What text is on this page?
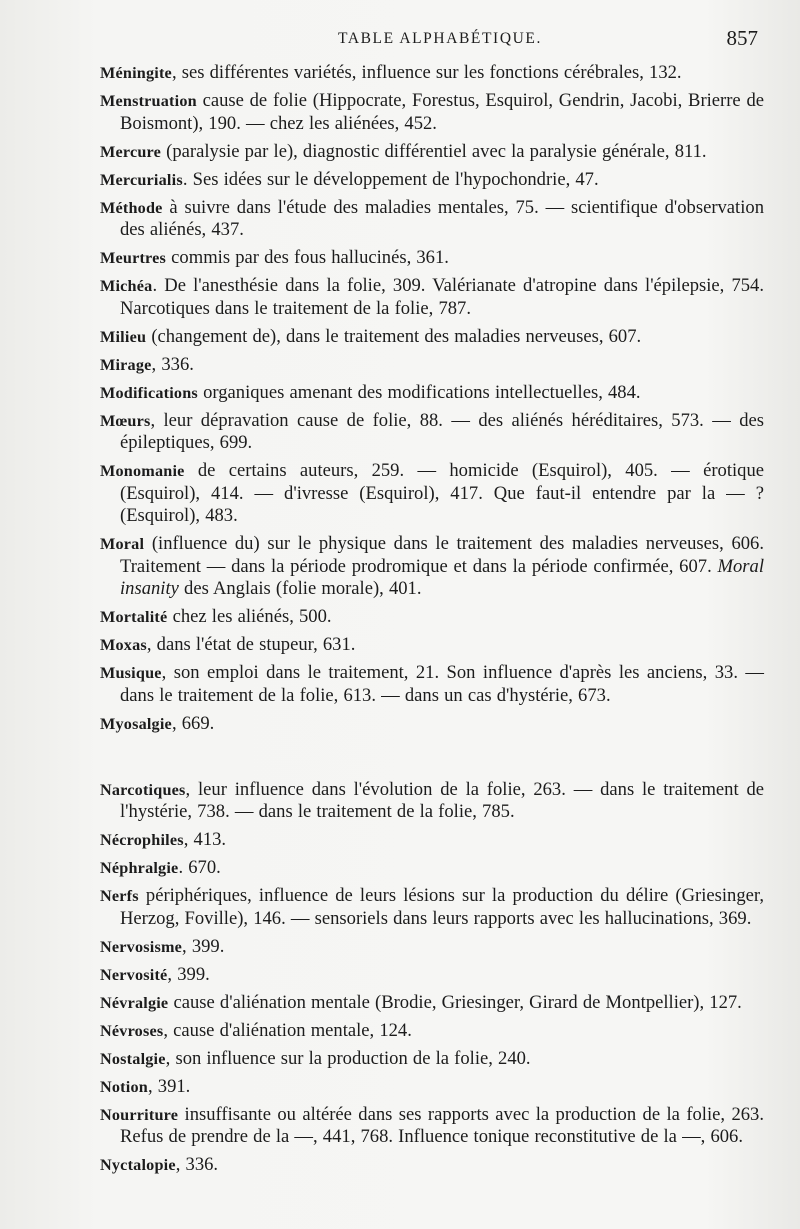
TABLE ALPHABÉTIQUE.	857

Méningite, ses différentes variétés, influence sur les fonctions cérébrales, 132.

Menstruation cause de folie (Hippocrate, Forestus, Esquirol, Gendrin, Jacobi, Brierre de Boismont), 190. — chez les aliénées, 452.

Mercure (paralysie par le), diagnostic différentiel avec la paralysie générale, 811.

Mercurialis. Ses idées sur le développement de l'hypochondrie, 47.

Méthode à suivre dans l'étude des maladies mentales, 75. — scientifique d'observation des aliénés, 437.

Meurtres commis par des fous hallucinés, 361.

Michéa. De l'anesthésie dans la folie, 309. Valérianate d'atropine dans l'épilepsie, 754. Narcotiques dans le traitement de la folie, 787.

Milieu (changement de), dans le traitement des maladies nerveuses, 607.

Mirage, 336.

Modifications organiques amenant des modifications intellectuelles, 484.

Mœurs, leur dépravation cause de folie, 88. — des aliénés héréditaires, 573. — des épileptiques, 699.

Monomanie de certains auteurs, 259. — homicide (Esquirol), 405. — érotique (Esquirol), 414. — d'ivresse (Esquirol), 417. Que faut-il entendre par la — ? (Esquirol), 483.

Moral (influence du) sur le physique dans le traitement des maladies nerveuses, 606. Traitement — dans la période prodromique et dans la période confirmée, 607. Moral insanity des Anglais (folie morale), 401.

Mortalité chez les aliénés, 500.

Moxas, dans l'état de stupeur, 631.

Musique, son emploi dans le traitement, 21. Son influence d'après les anciens, 33. — dans le traitement de la folie, 613. — dans un cas d'hystérie, 673.

Myosalgie, 669.

Narcotiques, leur influence dans l'évolution de la folie, 263. — dans le traitement de l'hystérie, 738. — dans le traitement de la folie, 785.

Nécrophiles, 413.

Néphralgie. 670.

Nerfs périphériques, influence de leurs lésions sur la production du délire (Griesinger, Herzog, Foville), 146. — sensoriels dans leurs rapports avec les hallucinations, 369.

Nervosisme, 399.

Nervosité, 399.

Névralgie cause d'aliénation mentale (Brodie, Griesinger, Girard de Montpellier), 127.

Névroses, cause d'aliénation mentale, 124.

Nostalgie, son influence sur la production de la folie, 240.

Notion, 391.

Nourriture insuffisante ou altérée dans ses rapports avec la production de la folie, 263. Refus de prendre de la —, 441, 768. Influence tonique reconstitutive de la —, 606.

Nyctalopie, 336.
